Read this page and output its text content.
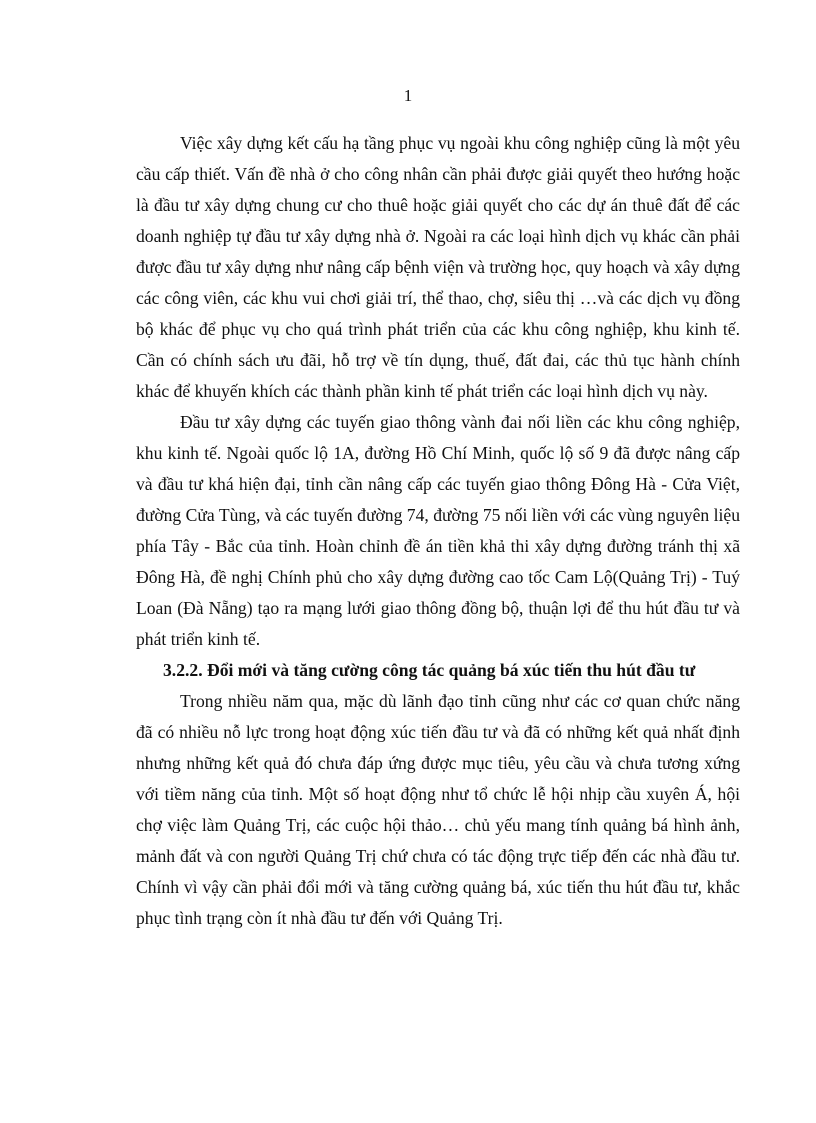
1

Việc xây dựng kết cấu hạ tầng phục vụ ngoài khu công nghiệp cũng là một yêu cầu cấp thiết. Vấn đề nhà ở cho công nhân cần phải được giải quyết theo hướng hoặc là đầu tư xây dựng chung cư cho thuê hoặc giải quyết cho các dự án thuê đất để các doanh nghiệp tự đầu tư xây dựng nhà ở. Ngoài ra các loại hình dịch vụ khác cần phải được đầu tư xây dựng như nâng cấp bệnh viện và trường học, quy hoạch và xây dựng các công viên, các khu vui chơi giải trí, thể thao, chợ, siêu thị …và các dịch vụ đồng bộ khác để phục vụ cho quá trình phát triển của các khu công nghiệp, khu kinh tế. Cần có chính sách ưu đãi, hỗ trợ về tín dụng, thuế, đất đai, các thủ tục hành chính khác để khuyến khích các thành phần kinh tế phát triển các loại hình dịch vụ này.

Đầu tư xây dựng các tuyến giao thông vành đai nối liền các khu công nghiệp, khu kinh tế. Ngoài quốc lộ 1A, đường Hồ Chí Minh, quốc lộ số 9 đã được nâng cấp và đầu tư khá hiện đại, tỉnh cần nâng cấp các tuyến giao thông Đông Hà - Cửa Việt, đường Cửa Tùng, và các tuyến đường 74, đường 75 nối liền với các vùng nguyên liệu phía Tây - Bắc của tỉnh. Hoàn chỉnh đề án tiền khả thi xây dựng đường tránh thị xã Đông Hà, đề nghị Chính phủ cho xây dựng đường cao tốc Cam Lộ(Quảng Trị) - Tuý Loan (Đà Nẵng) tạo ra mạng lưới giao thông đồng bộ, thuận lợi để thu hút đầu tư và phát triển kinh tế.

3.2.2. Đổi mới và tăng cường công tác quảng bá xúc tiến thu hút đầu tư

Trong nhiều năm qua, mặc dù lãnh đạo tỉnh cũng như các cơ quan chức năng đã có nhiều nỗ lực trong hoạt động xúc tiến đầu tư và đã có những kết quả nhất định nhưng những kết quả đó chưa đáp ứng được mục tiêu, yêu cầu và chưa tương xứng với tiềm năng của tỉnh. Một số hoạt động như tổ chức lễ hội nhịp cầu xuyên Á, hội chợ việc làm Quảng Trị, các cuộc hội thảo… chủ yếu mang tính quảng bá hình ảnh, mảnh đất và con người Quảng Trị chứ chưa có tác động trực tiếp đến các nhà đầu tư. Chính vì vậy cần phải đổi mới và tăng cường quảng bá, xúc tiến thu hút đầu tư, khắc phục tình trạng còn ít nhà đầu tư đến với Quảng Trị.
